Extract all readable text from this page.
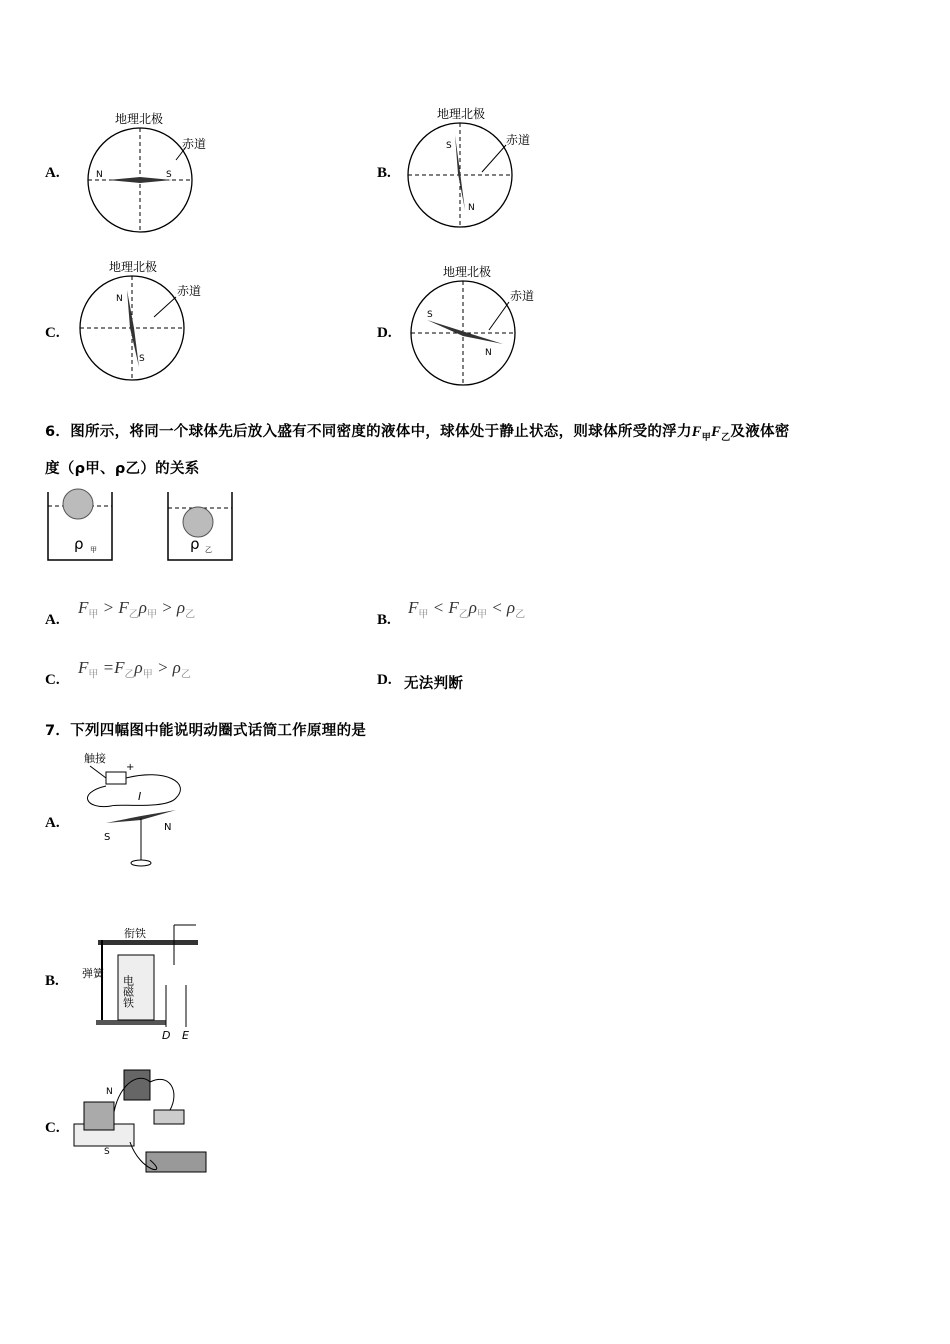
A.
地理北极
N	S
赤道
B.
地理北极
S
N
赤道
C.
地理北极
N
S
赤道
D.
地理北极
S
N
赤道
6．图所示，将同一个球体先后放入盛有不同密度的液体中，球体处于静止状态，则球体所受的浮力$F_甲F_乙$及液体密
度（ρ甲、ρ乙）的关系
ρ 甲	ρ 乙
A.
$F_甲 > F_乙\rho_甲 > \rho_乙$	B.
$F_甲 < F_乙\rho_甲 < \rho_乙$
C.
$F_甲 =F_乙\rho_甲 > \rho_乙$	D. 无法判断
7．下列四幅图中能说明动圈式话筒工作原理的是
A.
触接
+
I
S
N
B.
衔铁
弹簧
电磁铁
D E
C.
N
S
